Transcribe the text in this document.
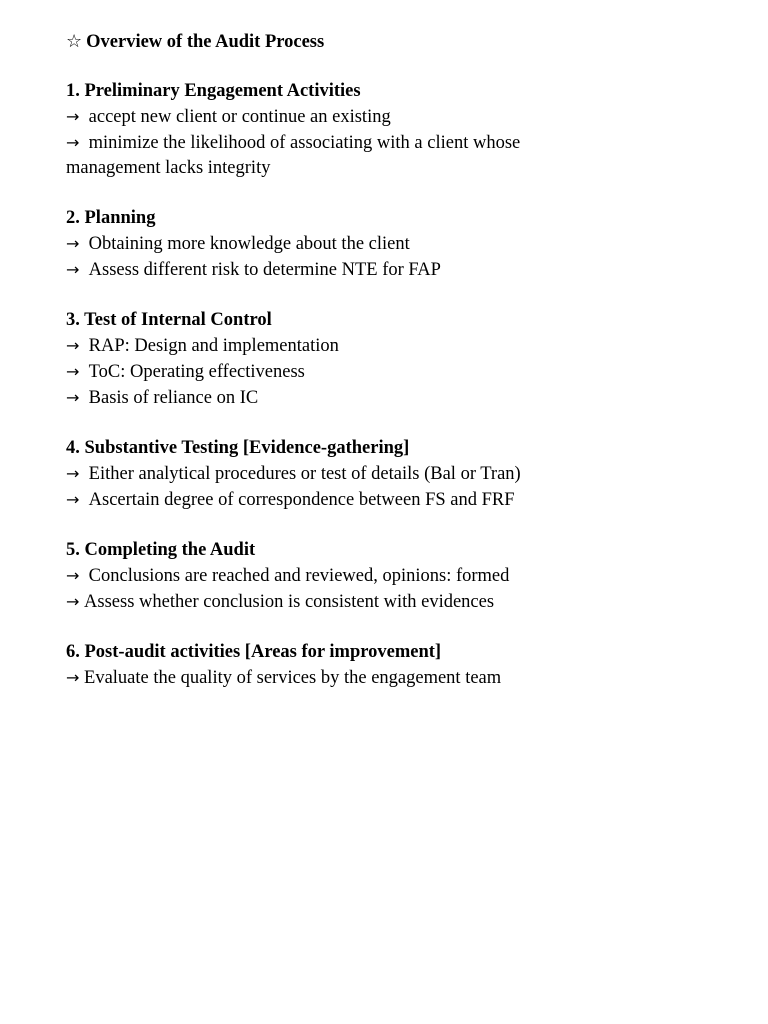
☆ Overview of the Audit Process
1. Preliminary Engagement Activities
→ accept new client or continue an existing
→ minimize the likelihood of associating with a client whose management lacks integrity
2. Planning
→ Obtaining more knowledge about the client
→ Assess different risk to determine NTE for FAP
3. Test of Internal Control
→ RAP: Design and implementation
→ ToC: Operating effectiveness
→ Basis of reliance on IC
4. Substantive Testing [Evidence-gathering]
→ Either analytical procedures or test of details (Bal or Tran)
→ Ascertain degree of correspondence between FS and FRF
5. Completing the Audit
→ Conclusions are reached and reviewed, opinions: formed
→ Assess whether conclusion is consistent with evidences
6. Post-audit activities [Areas for improvement]
→ Evaluate the quality of services by the engagement team
